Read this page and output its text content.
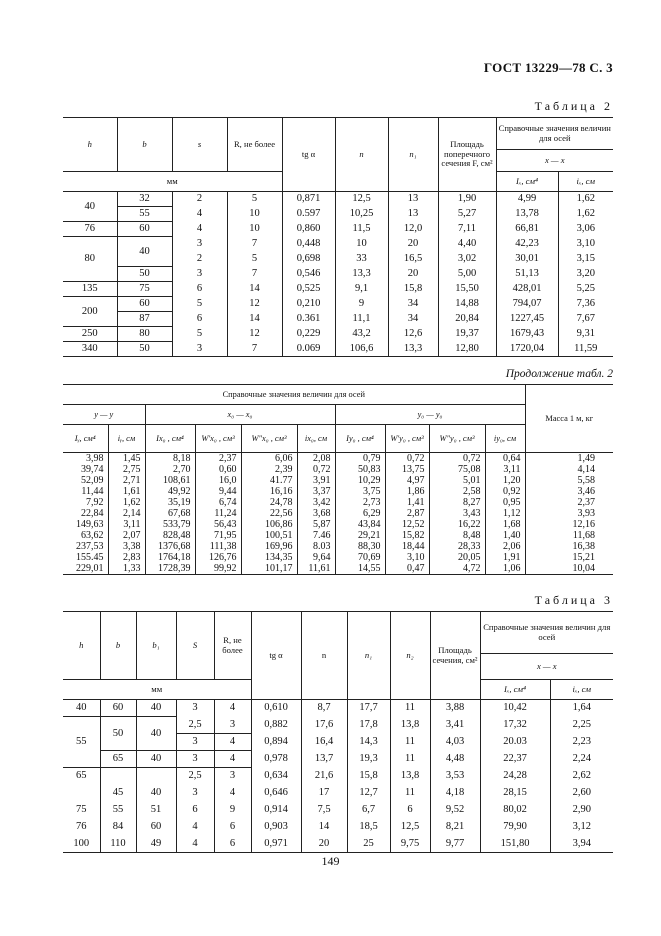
ГОСТ 13229—78 С. 3
Таблица 2
h	b	s	R, не более	tg α	n	n₁	Площадь поперечного сечения F, см²	Справочные значения величин для осей	
								x — x	
мм								Iₓ, см⁴	iₓ, см
40	32	2	5	0,871	12,5	13	1,90	4,99	1,62
	55	4	10	0.597	10,25	13	5,27	13,78	1,62
76	60	4	10	0,860	11,5	12,0	7,11	66,81	3,06
80	40	3	7	0,448	10	20	4,40	42,23	3,10
		2	5	0,698	33	16,5	3,02	30,01	3,15
	50	3	7	0,546	13,3	20	5,00	51,13	3,20
135	75	6	14	0,525	9,1	15,8	15,50	428,01	5,25
200	60	5	12	0,210	9	34	14,88	794,07	7,36
	87	6	14	0.361	11,1	34	20,84	1227,45	7,67
250	80	5	12	0,229	43,2	12,6	19,37	1679,43	9,31
340	50	3	7	0.069	106,6	13,3	12,80	1720,04	11,59
Продолжение табл. 2
Справочные значения величин для осей										Масса 1 м, кг
y — y		x₀ — x₀				y₀ — y₀				
Iᵧ, см⁴	iᵧ, см	Ix₀ , см⁴	W'x₀ , см³	W"x₀ , см³	ix₀, см	Iy₀ , см⁴	W'y₀ , см³	W"y₀ , см³	iy₀, см	
3,98	1,45	8,18	2,37	6,06	2,08	0,79	0,72	0,72	0,64	1,49
39,74	2,75	2,70	0,60	2,39	0,72	50,83	13,75	75,08	3,11	4,14
52,09	2,71	108,61	16,0	41.77	3,91	10,29	4,97	5,01	1,20	5,58
11,44	1,61	49,92	9,44	16,16	3,37	3,75	1,86	2,58	0,92	3,46
7,92	1,62	35,19	6,74	24,78	3,42	2,73	1,41	8,27	0,95	2,37
22,84	2,14	67,68	11,24	22,56	3,68	6,29	2,87	3,43	1,12	3,93
149,63	3,11	533,79	56,43	106,86	5,87	43,84	12,52	16,22	1,68	12,16
63,62	2,07	828,48	71,95	100,51	7.46	29,21	15,82	8,48	1,40	11,68
237,53	3,38	1376,68	111,38	169,96	8.03	88,30	18,44	28,33	2,06	16,38
155.45	2,83	1764,18	126,76	134,35	9,64	70,69	3,10	20,05	1,91	15,21
229,01	1,33	1728,39	99,92	101,17	11,61	14,55	0,47	4,72	1,06	10,04
Таблица 3
h	b	b₁	S	R, не более	tg α	n	n₁	n₂	Площадь сечения, см²	Справочные значения величин для осей	
										x — x	
мм										Iₓ, см⁴	iₓ, см
40	60	40	3	4	0,610	8,7	17,7	11	3,88	10,42	1,64
55	50	40	2,5	3	0,882	17,6	17,8	13,8	3,41	17,32	2,25
			3	4	0,894	16,4	14,3	11	4,03	20.03	2,23
	65	40	3	4	0,978	13,7	19,3	11	4,48	22,37	2,24
65			2,5	3	0,634	21,6	15,8	13,8	3,53	24,28	2,62
	45	40	3	4	0,646	17	12,7	11	4,18	28,15	2,60
75	55	51	6	9	0,914	7,5	6,7	6	9,52	80,02	2,90
76	84	60	4	6	0,903	14	18,5	12,5	8,21	79,90	3,12
100	110	49	4	6	0,971	20	25	9,75	9,77	151,80	3,94
149
